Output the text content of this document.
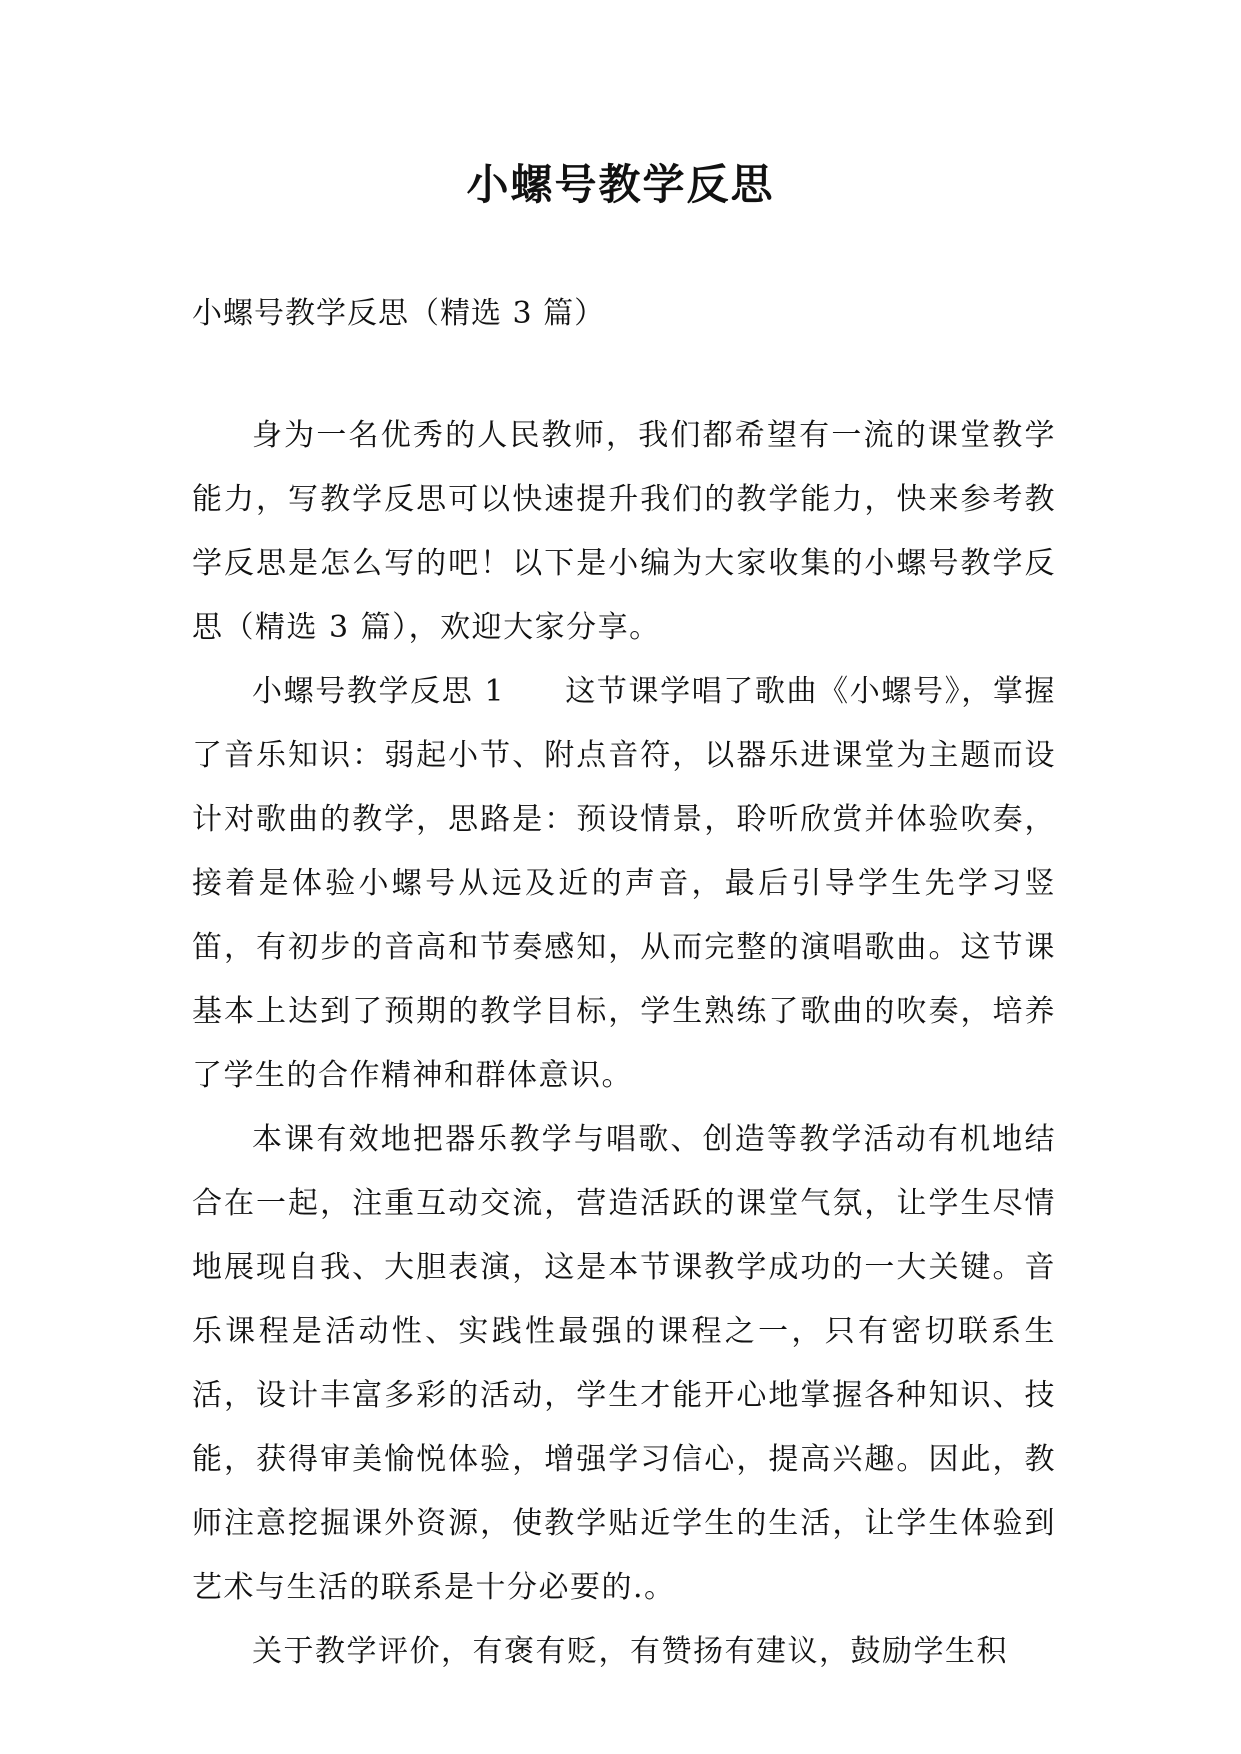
小螺号教学反思
小螺号教学反思（精选 3 篇）

身为一名优秀的人民教师，我们都希望有一流的课堂教学能力，写教学反思可以快速提升我们的教学能力，快来参考教学反思是怎么写的吧！以下是小编为大家收集的小螺号教学反思（精选 3 篇），欢迎大家分享。

小螺号教学反思 1 这节课学唱了歌曲《小螺号》，掌握了音乐知识：弱起小节、附点音符，以器乐进课堂为主题而设计对歌曲的教学，思路是：预设情景，聆听欣赏并体验吹奏，接着是体验小螺号从远及近的声音，最后引导学生先学习竖笛，有初步的音高和节奏感知，从而完整的演唱歌曲。这节课基本上达到了预期的教学目标，学生熟练了歌曲的吹奏，培养了学生的合作精神和群体意识。

本课有效地把器乐教学与唱歌、创造等教学活动有机地结合在一起，注重互动交流，营造活跃的课堂气氛，让学生尽情地展现自我、大胆表演，这是本节课教学成功的一大关键。音乐课程是活动性、实践性最强的课程之一，只有密切联系生活，设计丰富多彩的活动，学生才能开心地掌握各种知识、技能，获得审美愉悦体验，增强学习信心，提高兴趣。因此，教师注意挖掘课外资源，使教学贴近学生的生活，让学生体验到艺术与生活的联系是十分必要的.。

关于教学评价，有褒有贬，有赞扬有建议，鼓励学生积
